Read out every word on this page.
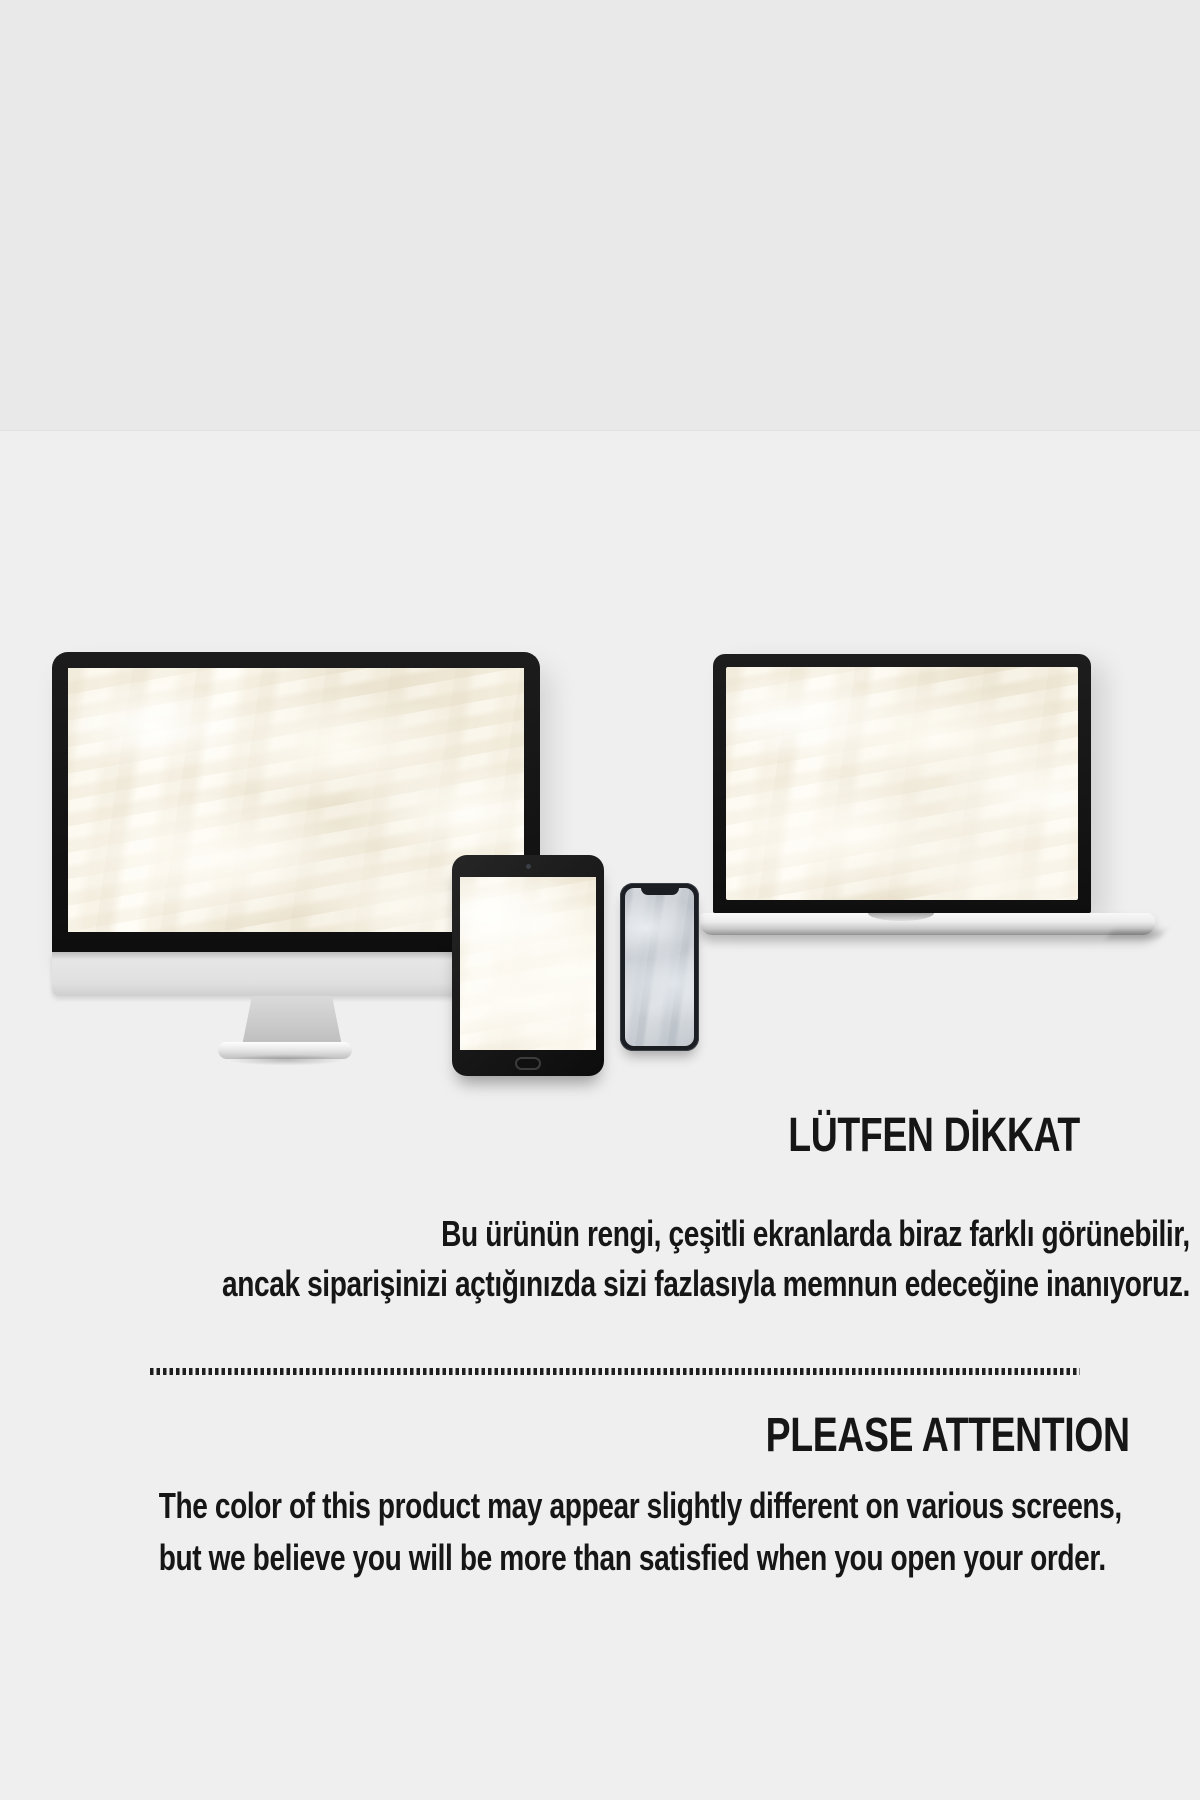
LÜTFEN DİKKAT
Bu ürünün rengi, çeşitli ekranlarda biraz farklı görünebilir,
ancak siparişinizi açtığınızda sizi fazlasıyla memnun edeceğine inanıyoruz.
PLEASE ATTENTION
The color of this product may appear slightly different on various screens,
but we believe you will be more than satisfied when you open your order.
